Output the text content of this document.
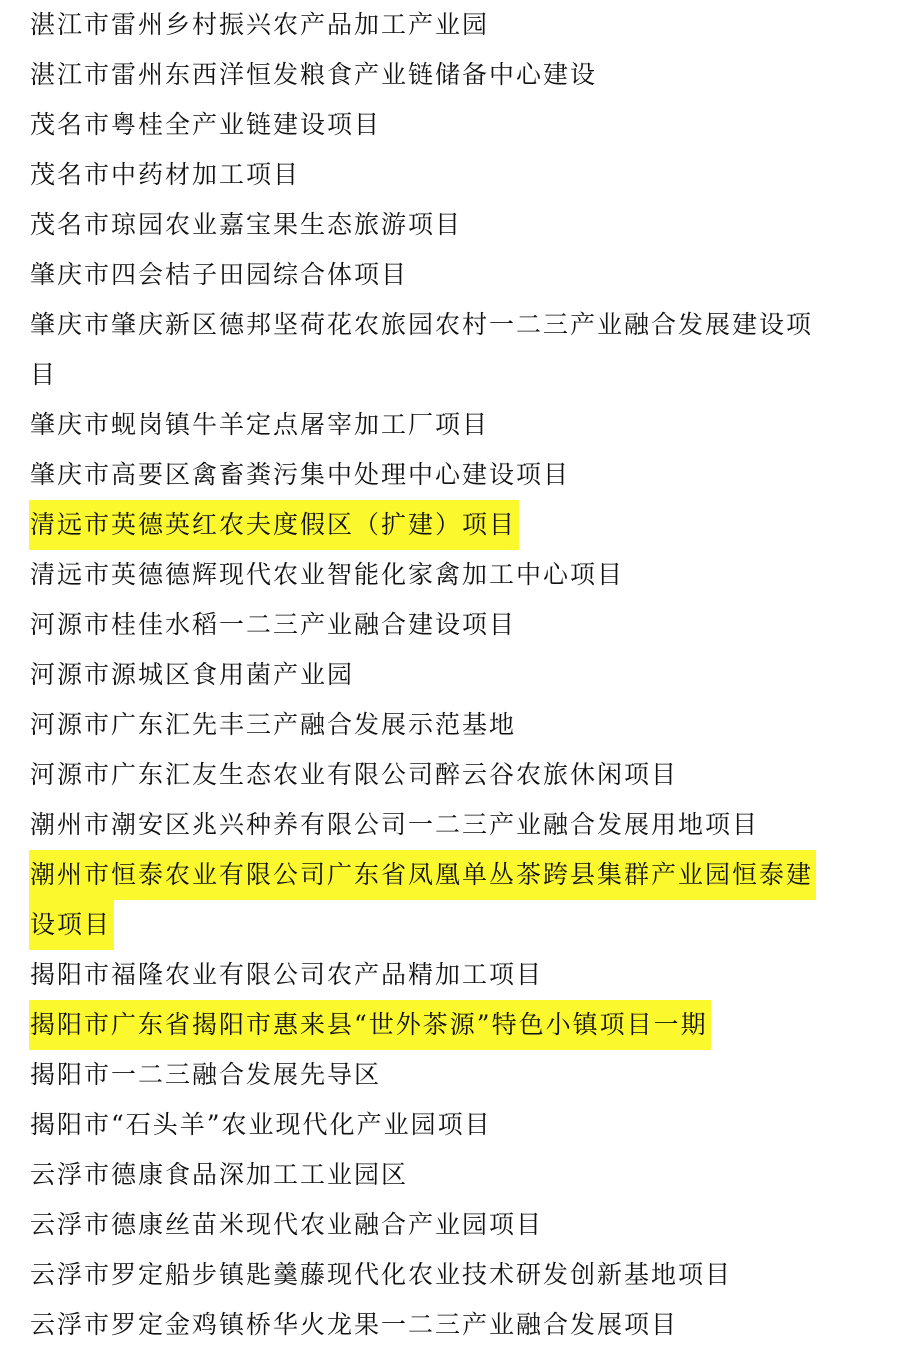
湛江市雷州乡村振兴农产品加工产业园
湛江市雷州东西洋恒发粮食产业链储备中心建设
茂名市粤桂全产业链建设项目
茂名市中药材加工项目
茂名市琼园农业嘉宝果生态旅游项目
肇庆市四会桔子田园综合体项目
肇庆市肇庆新区德邦坚荷花农旅园农村一二三产业融合发展建设项
目
肇庆市蚬岗镇牛羊定点屠宰加工厂项目
肇庆市高要区禽畜粪污集中处理中心建设项目
清远市英德英红农夫度假区（扩建）项目
清远市英德德辉现代农业智能化家禽加工中心项目
河源市桂佳水稻一二三产业融合建设项目
河源市源城区食用菌产业园
河源市广东汇先丰三产融合发展示范基地
河源市广东汇友生态农业有限公司醉云谷农旅休闲项目
潮州市潮安区兆兴种养有限公司一二三产业融合发展用地项目
潮州市恒泰农业有限公司广东省凤凰单丛茶跨县集群产业园恒泰建
设项目
揭阳市福隆农业有限公司农产品精加工项目
揭阳市广东省揭阳市惠来县“世外茶源”特色小镇项目一期
揭阳市一二三融合发展先导区
揭阳市“石头羊”农业现代化产业园项目
云浮市德康食品深加工工业园区
云浮市德康丝苗米现代农业融合产业园项目
云浮市罗定船步镇匙羹藤现代化农业技术研发创新基地项目
云浮市罗定金鸡镇桥华火龙果一二三产业融合发展项目
